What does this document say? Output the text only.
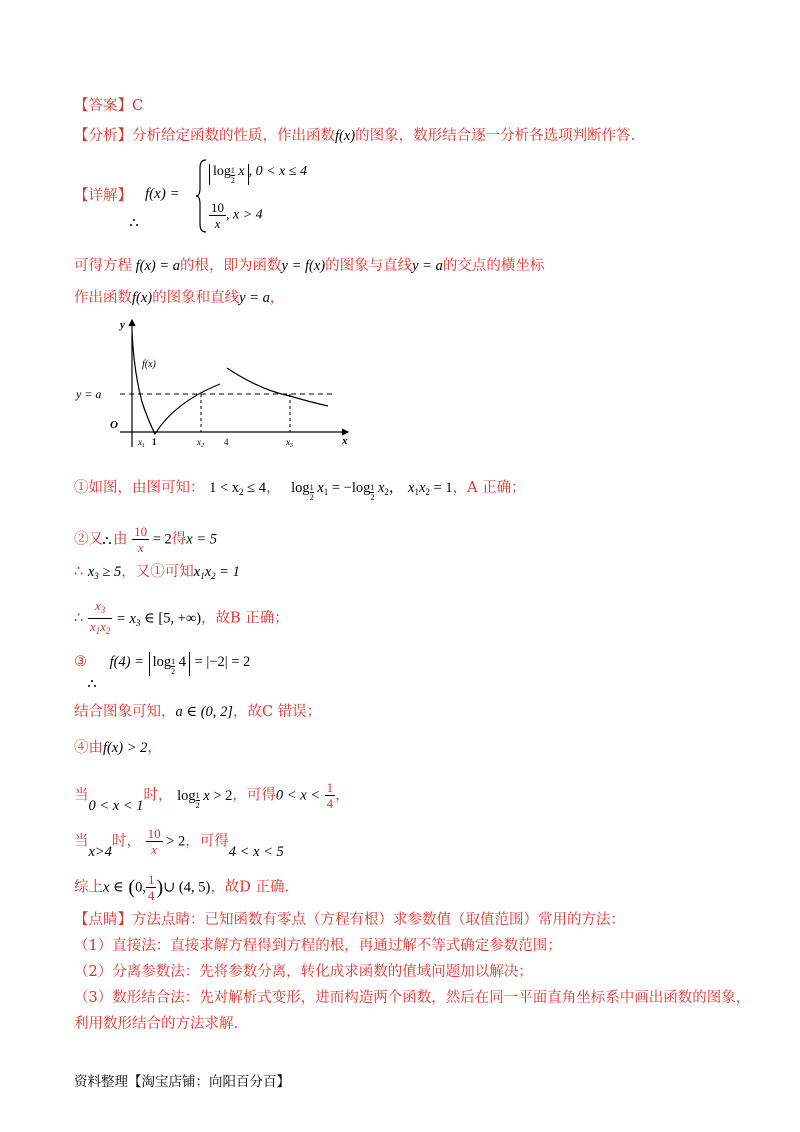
【答案】C
【分析】分析给定函数的性质，作出函数f(x)的图象，数形结合逐一分析各选项判断作答.
【详解】 f(x) =
$\log \frac{1}{2}$ x , 0 < x ≤ 4
$\frac{10}{x}$ , x > 4
可得方程 f(x) = a的根，即为函数y = f(x)的图象与直线y = a的交点的横坐标
作出函数f(x)的图象和直线y = a，
y
x
O
y = a
f(x)
$x_1$ 1	$x_2$ 4	$x_3$
①如图，由图可知： $1 < x_2 \le 4$， $\log \frac{1}{2} x_1 = -\log \frac{1}{2} x_2$， $x_1x_2 = 1$，A 正确；
②又 由 $\frac{10}{x} = 2$得x = 5
∴ $x_3 \ge 5$，又①可知$x_1x_2 = 1$
∴ $\frac{x_3}{x_1x_2} = x_3$ ∈ [5, +∞)，故B 正确；
③ $f(4) = \log \frac{1}{2} 4 = |-2| = 2$
结合图象可知，a ∈ (0, 2]，故C 错误；
④由f(x) > 2，
当0 < x < 1时， $\log \frac{1}{2}$ x > 2，可得$0 < x < \frac{1}{4}$ ，
当x>4时， $\frac{10}{x} > 2$，可得4 < x < 5
综上x ∈ (0, $\frac{1}{4}$ )∪ (4, 5)，故D 正确.
【点睛】方法点睛：已知函数有零点（方程有根）求参数值（取值范围）常用的方法：
（1）直接法：直接求解方程得到方程的根，再通过解不等式确定参数范围；
（2）分离参数法：先将参数分离，转化成求函数的值域问题加以解决；
（3）数形结合法：先对解析式变形，进而构造两个函数，然后在同一平面直角坐标系中画出函数的图象，
利用数形结合的方法求解.
资料整理【淘宝店铺：向阳百分百】
